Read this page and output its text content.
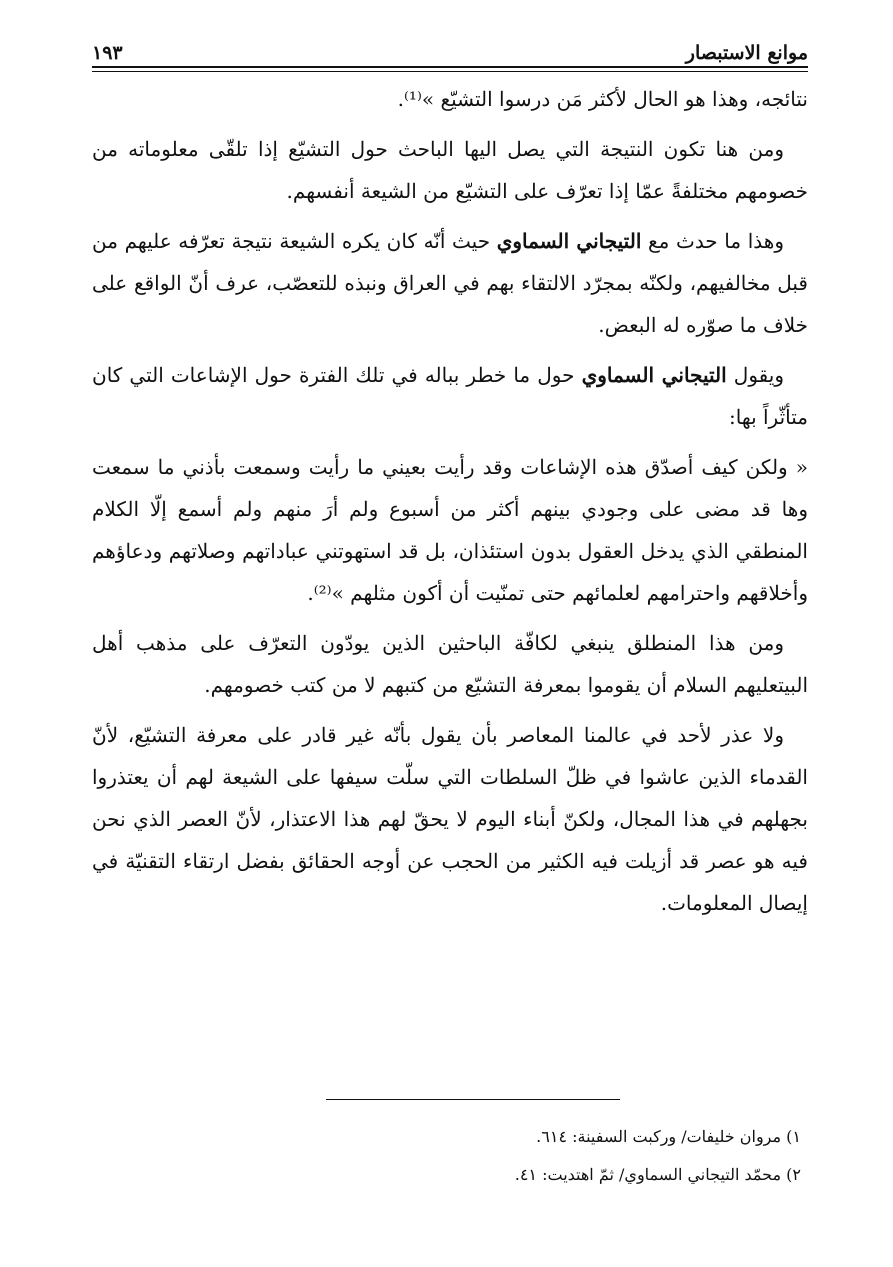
موانع الاستبصار
١٩٣

نتائجه، وهذا هو الحال لأكثر مَن درسوا التشيّع »⁽¹⁾.

ومن هنا تكون النتيجة التي يصل اليها الباحث حول التشيّع إذا تلقّى معلوماته من خصومهم مختلفةً عمّا إذا تعرّف على التشيّع من الشيعة أنفسهم.

وهذا ما حدث مع التيجاني السماوي حيث أنّه كان يكره الشيعة نتيجة تعرّفه عليهم من قبل مخالفيهم، ولكنّه بمجرّد الالتقاء بهم في العراق ونبذه للتعصّب، عرف أنّ الواقع على خلاف ما صوّره له البعض.

ويقول التيجاني السماوي حول ما خطر بباله في تلك الفترة حول الإشاعات التي كان متأثّراً بها:

« ولكن كيف أصدّق هذه الإشاعات وقد رأيت بعيني ما رأيت وسمعت بأذني ما سمعت وها قد مضى على وجودي بينهم أكثر من أسبوع ولم أرَ منهم ولم أسمع إلّا الكلام المنطقي الذي يدخل العقول بدون استئذان، بل قد استهوتني عباداتهم وصلاتهم ودعاؤهم وأخلاقهم واحترامهم لعلمائهم حتى تمنّيت أن أكون مثلهم »⁽²⁾.

ومن هذا المنطلق ينبغي لكافّة الباحثين الذين يودّون التعرّف على مذهب أهل البيتعليهم السلام أن يقوموا بمعرفة التشيّع من كتبهم لا من كتب خصومهم.

ولا عذر لأحد في عالمنا المعاصر بأن يقول بأنّه غير قادر على معرفة التشيّع، لأنّ القدماء الذين عاشوا في ظلّ السلطات التي سلّت سيفها على الشيعة لهم أن يعتذروا بجهلهم في هذا المجال، ولكنّ أبناء اليوم لا يحقّ لهم هذا الاعتذار، لأنّ العصر الذي نحن فيه هو عصر قد أزيلت فيه الكثير من الحجب عن أوجه الحقائق بفضل ارتقاء التقنيّة في إيصال المعلومات.

١) مروان خليفات/ وركبت السفينة: ٦١٤.
٢) محمّد التيجاني السماوي/ ثمّ اهتديت: ٤١.
